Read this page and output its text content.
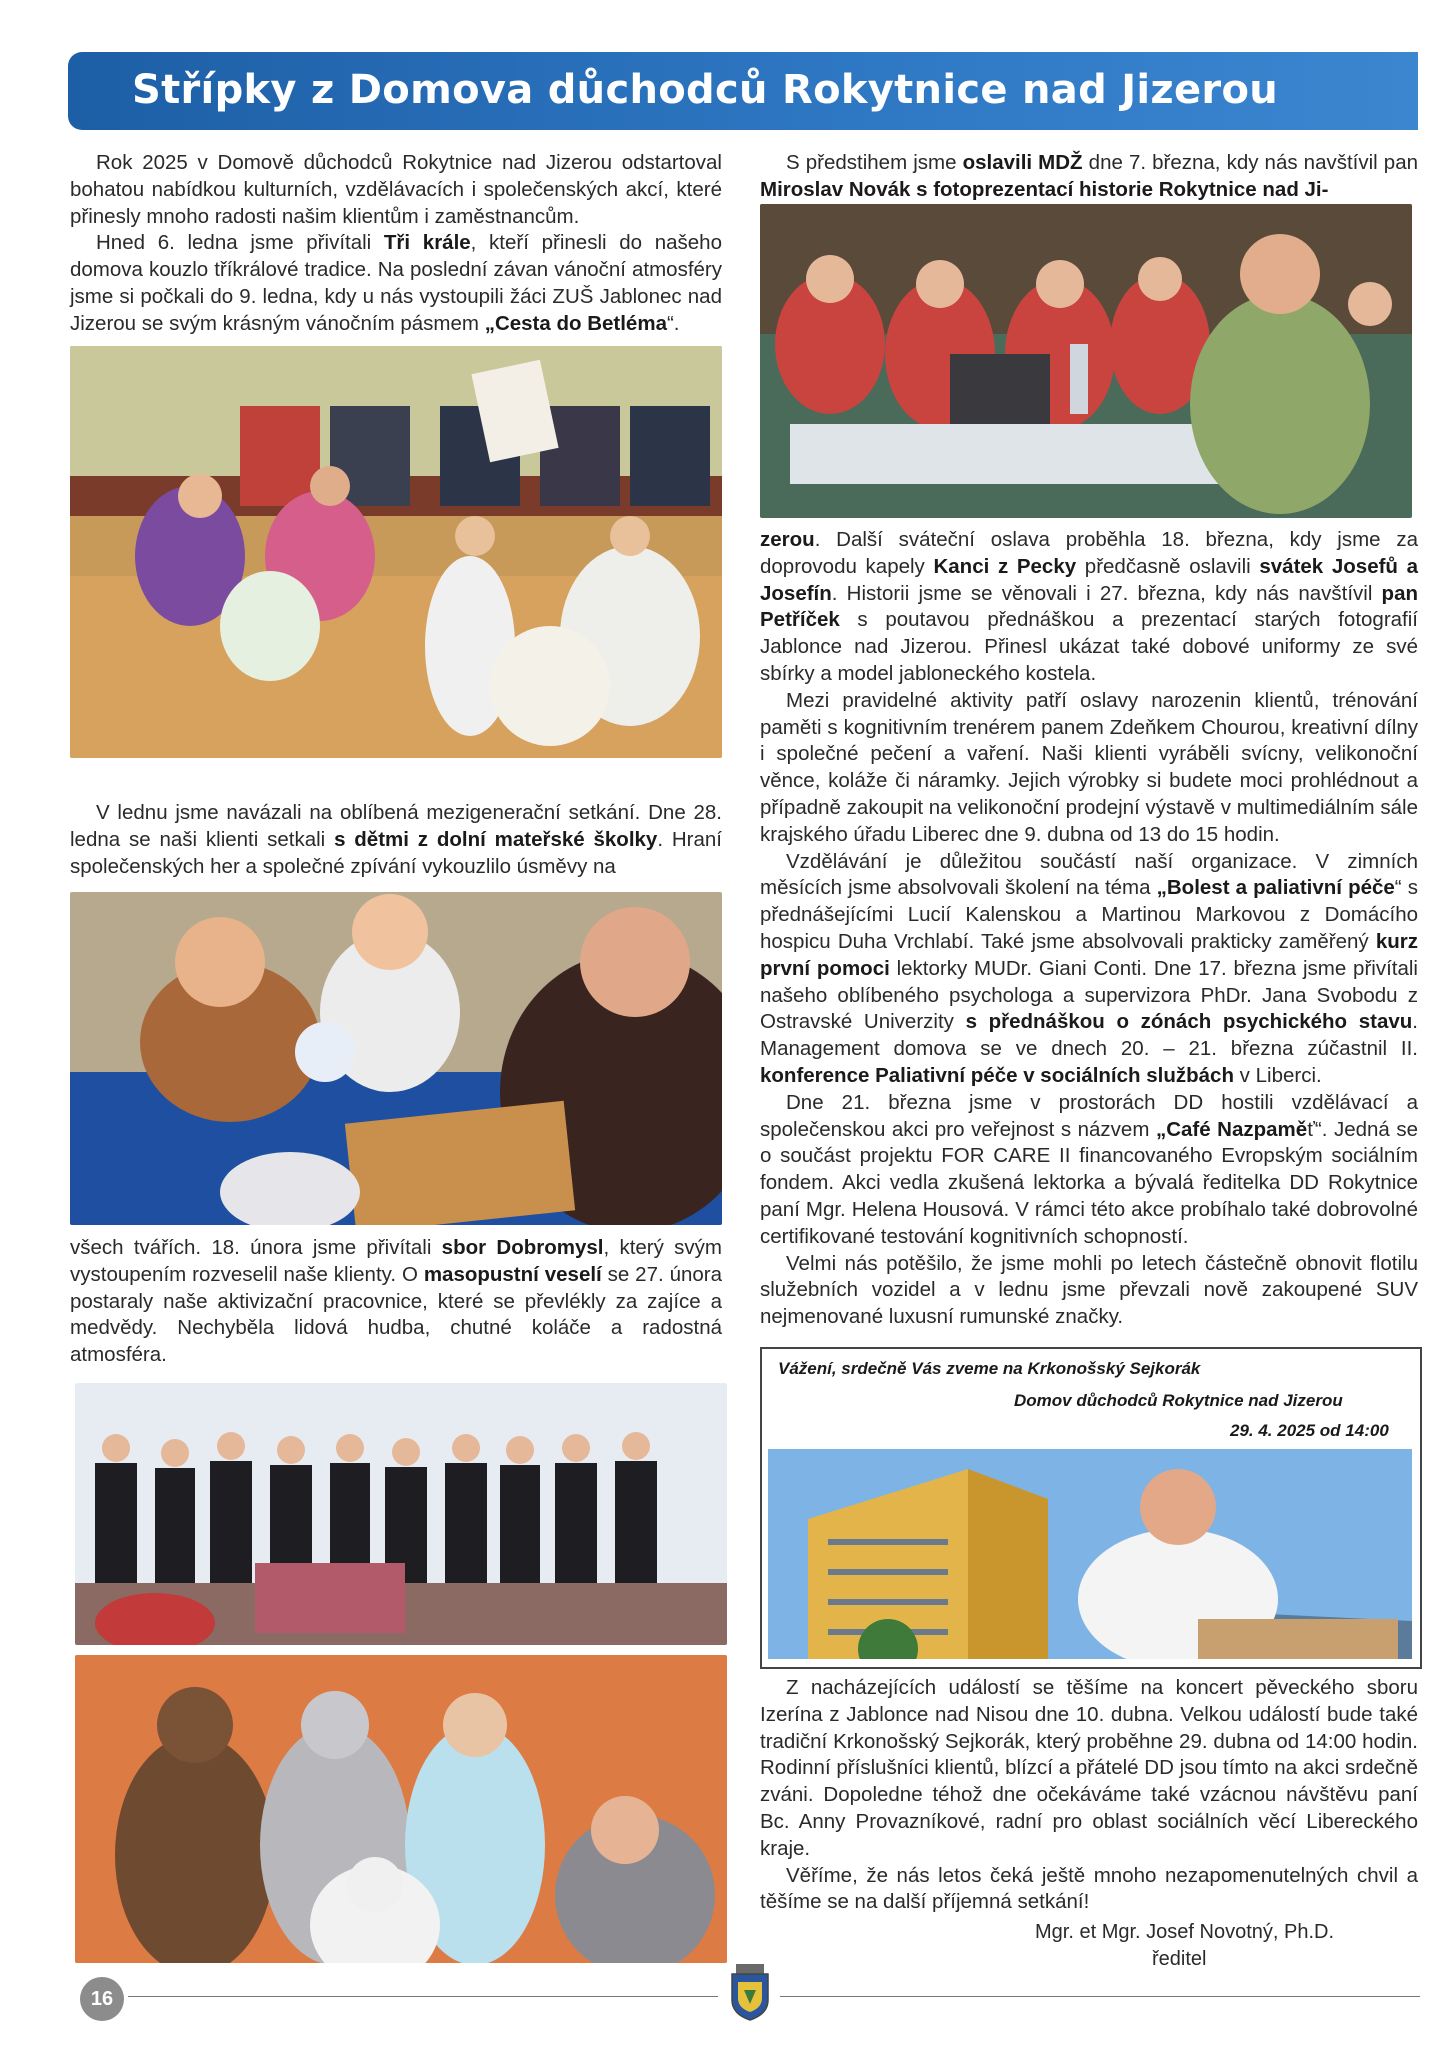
Střípky z Domova důchodců Rokytnice nad Jizerou

Rok 2025 v Domově důchodců Rokytnice nad Jizerou odstartoval bohatou nabídkou kulturních, vzdělávacích i společenských akcí, které přinesly mnoho radosti našim klientům i zaměstnancům.

Hned 6. ledna jsme přivítali Tři krále, kteří přinesli do našeho domova kouzlo tříkrálové tradice. Na poslední závan vánoční atmosféry jsme si počkali do 9. ledna, kdy u nás vystoupili žáci ZUŠ Jablonec nad Jizerou se svým krásným vánočním pásmem „Cesta do Betléma“.

V lednu jsme navázali na oblíbená mezigenerační setkání. Dne 28. ledna se naši klienti setkali s dětmi z dolní mateřské školky. Hraní společenských her a společné zpívání vykouzlilo úsměvy na

všech tvářích. 18. února jsme přivítali sbor Dobromysl, který svým vystoupením rozveselil naše klienty. O masopustní veselí se 27. února postaraly naše aktivizační pracovnice, které se převlékly za zajíce a medvědy. Nechyběla lidová hudba, chutné koláče a radostná atmosféra.

S předstihem jsme oslavili MDŽ dne 7. března, kdy nás navštívil pan Miroslav Novák s fotoprezentací historie Rokytnice nad Ji-

zerou. Další sváteční oslava proběhla 18. března, kdy jsme za doprovodu kapely Kanci z Pecky předčasně oslavili svátek Josefů a Josefín. Historii jsme se věnovali i 27. března, kdy nás navštívil pan Petříček s poutavou přednáškou a prezentací starých fotografií Jablonce nad Jizerou. Přinesl ukázat také dobové uniformy ze své sbírky a model jabloneckého kostela.

Mezi pravidelné aktivity patří oslavy narozenin klientů, trénování paměti s kognitivním trenérem panem Zdeňkem Chourou, kreativní dílny i společné pečení a vaření. Naši klienti vyráběli svícny, velikonoční věnce, koláže či náramky. Jejich výrobky si budete moci prohlédnout a případně zakoupit na velikonoční prodejní výstavě v multimediálním sále krajského úřadu Liberec dne 9. dubna od 13 do 15 hodin.

Vzdělávání je důležitou součástí naší organizace. V zimních měsících jsme absolvovali školení na téma „Bolest a paliativní péče“ s přednášejícími Lucií Kalenskou a Martinou Markovou z Domácího hospicu Duha Vrchlabí. Také jsme absolvovali prakticky zaměřený kurz první pomoci lektorky MUDr. Giani Conti. Dne 17. března jsme přivítali našeho oblíbeného psychologa a supervizora PhDr. Jana Svobodu z Ostravské Univerzity s přednáškou o zónách psychického stavu. Management domova se ve dnech 20. – 21. března zúčastnil II. konference Paliativní péče v sociálních službách v Liberci.

Dne 21. března jsme v prostorách DD hostili vzdělávací a společenskou akci pro veřejnost s názvem „Café Nazpaměť“. Jedná se o součást projektu FOR CARE II financovaného Evropským sociálním fondem. Akci vedla zkušená lektorka a bývalá ředitelka DD Rokytnice paní Mgr. Helena Housová. V rámci této akce probíhalo také dobrovolné certifikované testování kognitivních schopností.

Velmi nás potěšilo, že jsme mohli po letech částečně obnovit flotilu služebních vozidel a v lednu jsme převzali nově zakoupené SUV nejmenované luxusní rumunské značky.

Vážení, srdečně Vás zveme na Krkonošský Sejkorák
Domov důchodců Rokytnice nad Jizerou
29. 4. 2025 od 14:00

Z nacházejících událostí se těšíme na koncert pěveckého sboru Izerína z Jablonce nad Nisou dne 10. dubna. Velkou událostí bude také tradiční Krkonošský Sejkorák, který proběhne 29. dubna od 14:00 hodin. Rodinní příslušníci klientů, blízcí a přátelé DD jsou tímto na akci srdečně zváni. Dopoledne téhož dne očekáváme také vzácnou návštěvu paní Bc. Anny Provazníkové, radní pro oblast sociálních věcí Libereckého kraje.

Věříme, že nás letos čeká ještě mnoho nezapomenutelných chvil a těšíme se na další příjemná setkání!

Mgr. et Mgr. Josef Novotný, Ph.D.
ředitel
16
